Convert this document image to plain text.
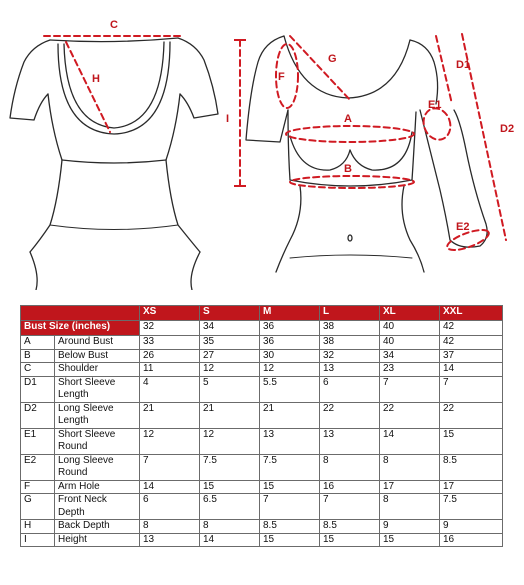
C
H
G
F
A
B
I
D1
D2
E1
E2
		XS	S	M	L	XL	XXL
Bust Size (inches)		32	34	36	38	40	42
A	Around Bust	33	35	36	38	40	42
B	Below Bust	26	27	30	32	34	37
C	Shoulder	11	12	12	13	23	14
D1	Short Sleeve Length	4	5	5.5	6	7	7
D2	Long Sleeve Length	21	21	21	22	22	22
E1	Short Sleeve Round	12	12	13	13	14	15
E2	Long Sleeve Round	7	7.5	7.5	8	8	8.5
F	Arm Hole	14	15	15	16	17	17
G	Front Neck Depth	6	6.5	7	7	8	7.5
H	Back Depth	8	8	8.5	8.5	9	9
I	Height	13	14	15	15	15	16
